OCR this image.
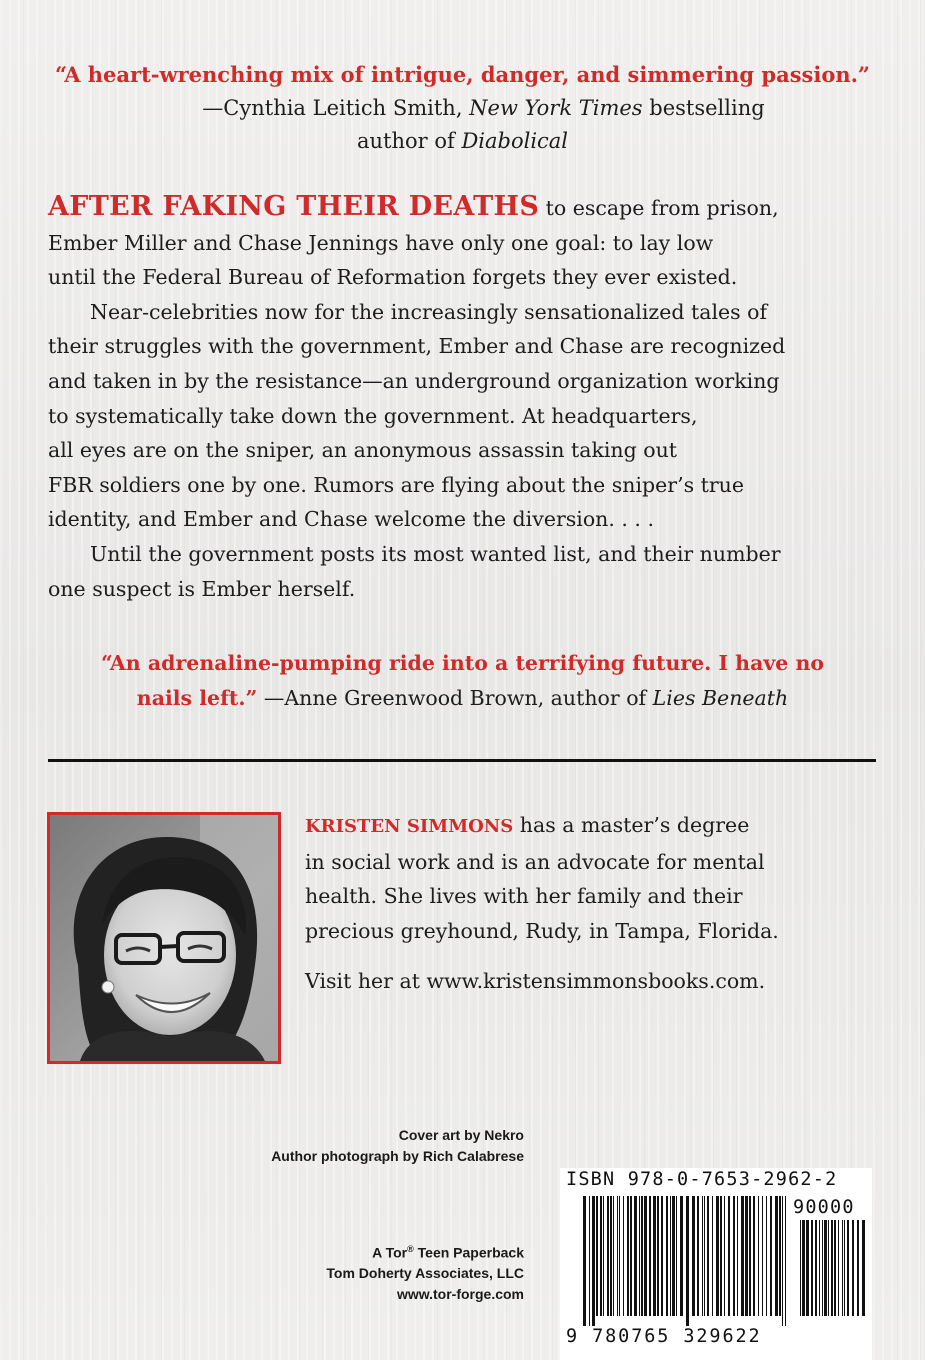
“A heart-wrenching mix of intrigue, danger, and simmering passion.”
—Cynthia Leitich Smith, New York Times bestselling
author of Diabolical
AFTER FAKING THEIR DEATHS to escape from prison,
Ember Miller and Chase Jennings have only one goal: to lay low
until the Federal Bureau of Reformation forgets they ever existed.
Near-celebrities now for the increasingly sensationalized tales of
their struggles with the government, Ember and Chase are recognized
and taken in by the resistance—an underground organization working
to systematically take down the government. At headquarters,
all eyes are on the sniper, an anonymous assassin taking out
FBR soldiers one by one. Rumors are flying about the sniper’s true
identity, and Ember and Chase welcome the diversion. . . .
Until the government posts its most wanted list, and their number
one suspect is Ember herself.
“An adrenaline-pumping ride into a terrifying future. I have no
nails left.” —Anne Greenwood Brown, author of Lies Beneath
KRISTEN SIMMONS has a master’s degree
in social work and is an advocate for mental
health. She lives with her family and their
precious greyhound, Rudy, in Tampa, Florida.
Visit her at www.kristensimmonsbooks.com.
Cover art by Nekro
Author photograph by Rich Calabrese
A Tor® Teen Paperback
Tom Doherty Associates, LLC
www.tor-forge.com
ISBN 978-0-7653-2962-2
90000
9 780765 329622
